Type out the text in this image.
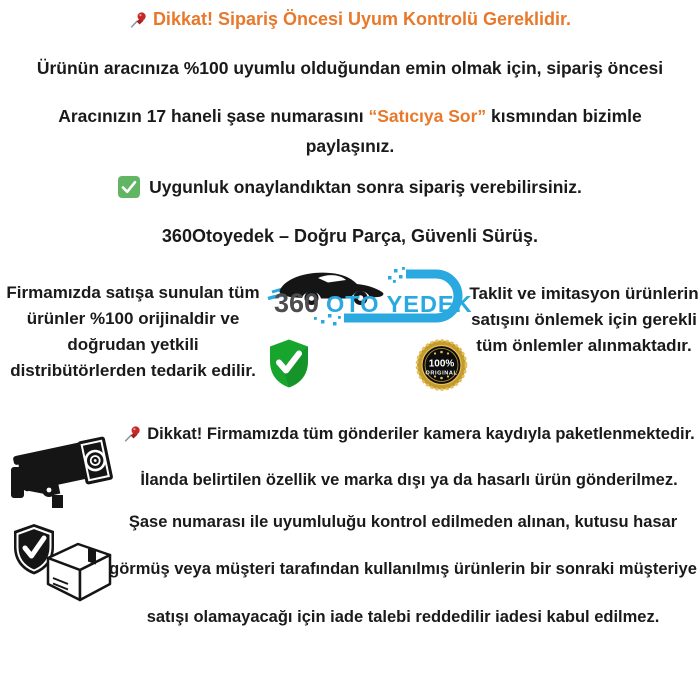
Dikkat! Sipariş Öncesi Uyum Kontrolü Gereklidir.
Ürünün aracınıza %100 uyumlu olduğundan emin olmak için, sipariş öncesi
Aracınızın 17 haneli şase numarasını “Satıcıya Sor” kısmından bizimle
paylaşınız.
Uygunluk onaylandıktan sonra sipariş verebilirsiniz.
360Otoyedek – Doğru Parça, Güvenli Sürüş.
Firmamızda satışa sunulan tüm ürünler %100 orijinaldir ve doğrudan yetkili distribütörlerden tedarik edilir.
Taklit ve imitasyon ürünlerin satışını önlemek için gerekli tüm önlemler alınmaktadır.
360 OTO YEDEK
100%
ORIGINAL
Dikkat! Firmamızda tüm gönderiler kamera kaydıyla paketlenmektedir.
İlanda belirtilen özellik ve marka dışı ya da hasarlı ürün gönderilmez.
Şase numarası ile uyumluluğu kontrol edilmeden alınan, kutusu hasar
görmüş veya müşteri tarafından kullanılmış ürünlerin bir sonraki müşteriye
satışı olamayacağı için iade talebi reddedilir iadesi kabul edilmez.
